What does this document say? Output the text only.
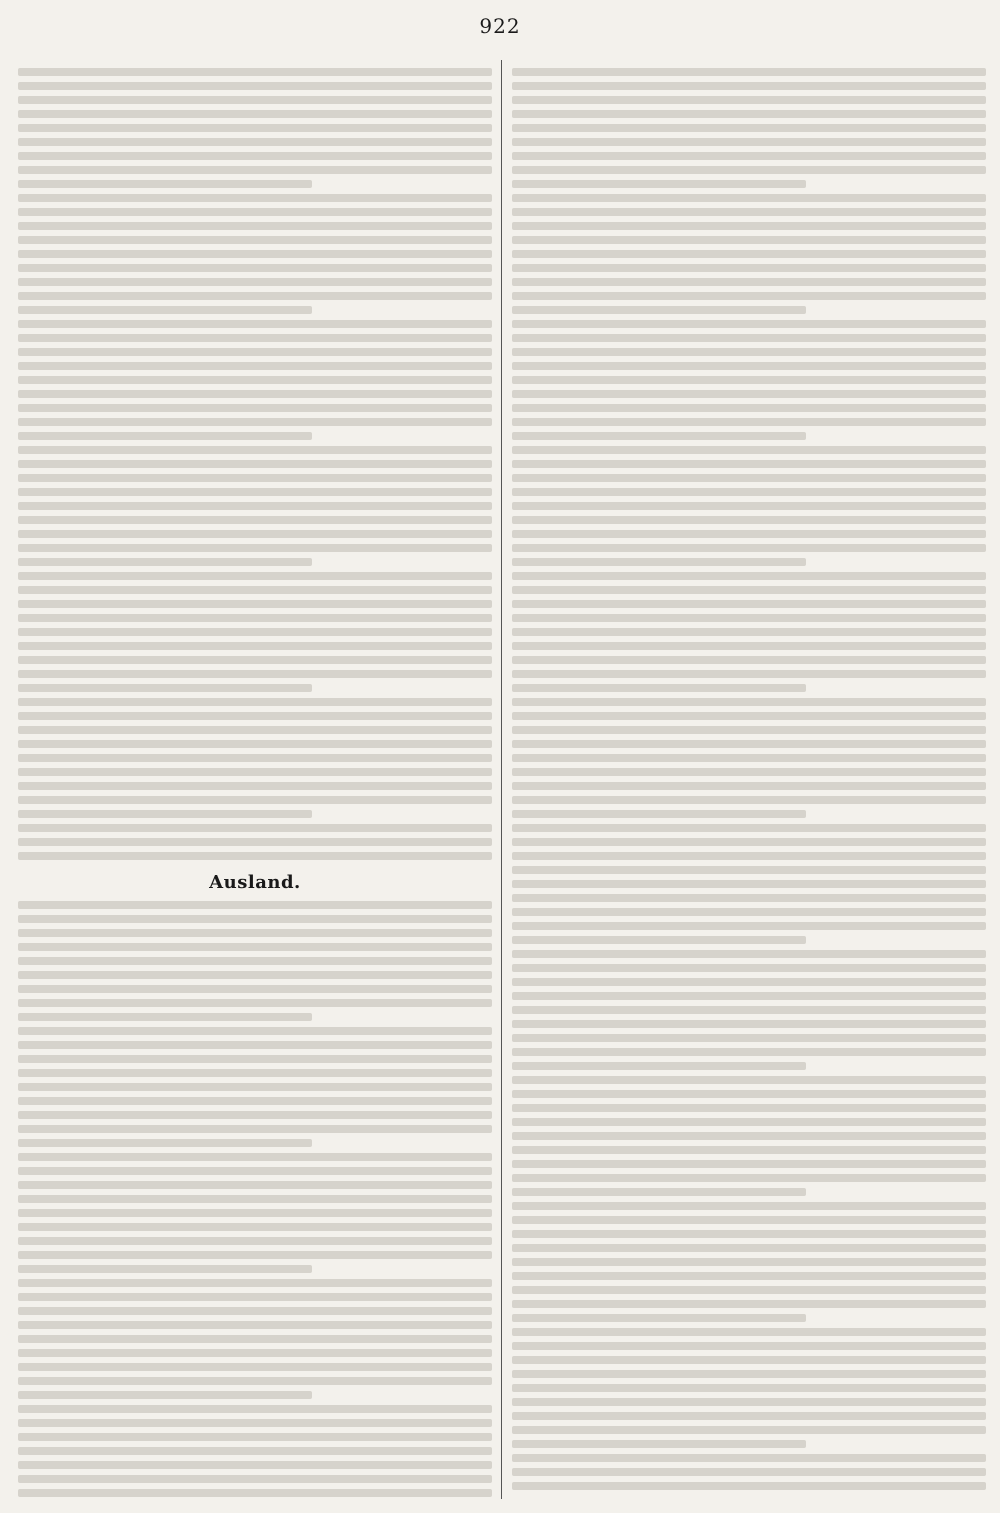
922
Ausland.
